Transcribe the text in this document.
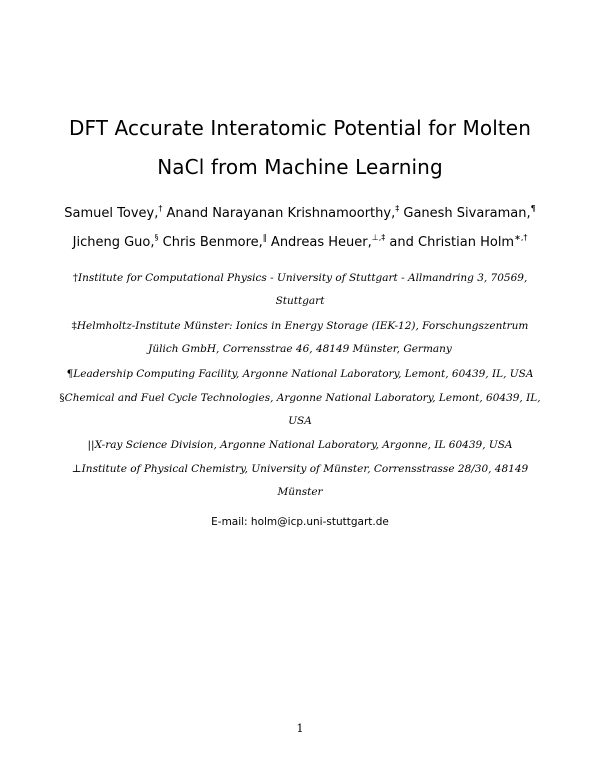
DFT Accurate Interatomic Potential for Molten
NaCl from Machine Learning
Samuel Tovey,† Anand Narayanan Krishnamoorthy,‡ Ganesh Sivaraman,¶
Jicheng Guo,§ Chris Benmore,‖ Andreas Heuer,⊥,‡ and Christian Holm∗,†
†Institute for Computational Physics - University of Stuttgart - Allmandring 3, 70569, Stuttgart
‡Helmholtz-Institute Münster: Ionics in Energy Storage (IEK-12), Forschungszentrum Jülich GmbH, Corrensstrae 46, 48149 Münster, Germany
¶Leadership Computing Facility, Argonne National Laboratory, Lemont, 60439, IL, USA
§Chemical and Fuel Cycle Technologies, Argonne National Laboratory, Lemont, 60439, IL, USA
||X-ray Science Division, Argonne National Laboratory, Argonne, IL 60439, USA
⊥Institute of Physical Chemistry, University of Münster, Corrensstrasse 28/30, 48149 Münster
E-mail: holm@icp.uni-stuttgart.de
1
